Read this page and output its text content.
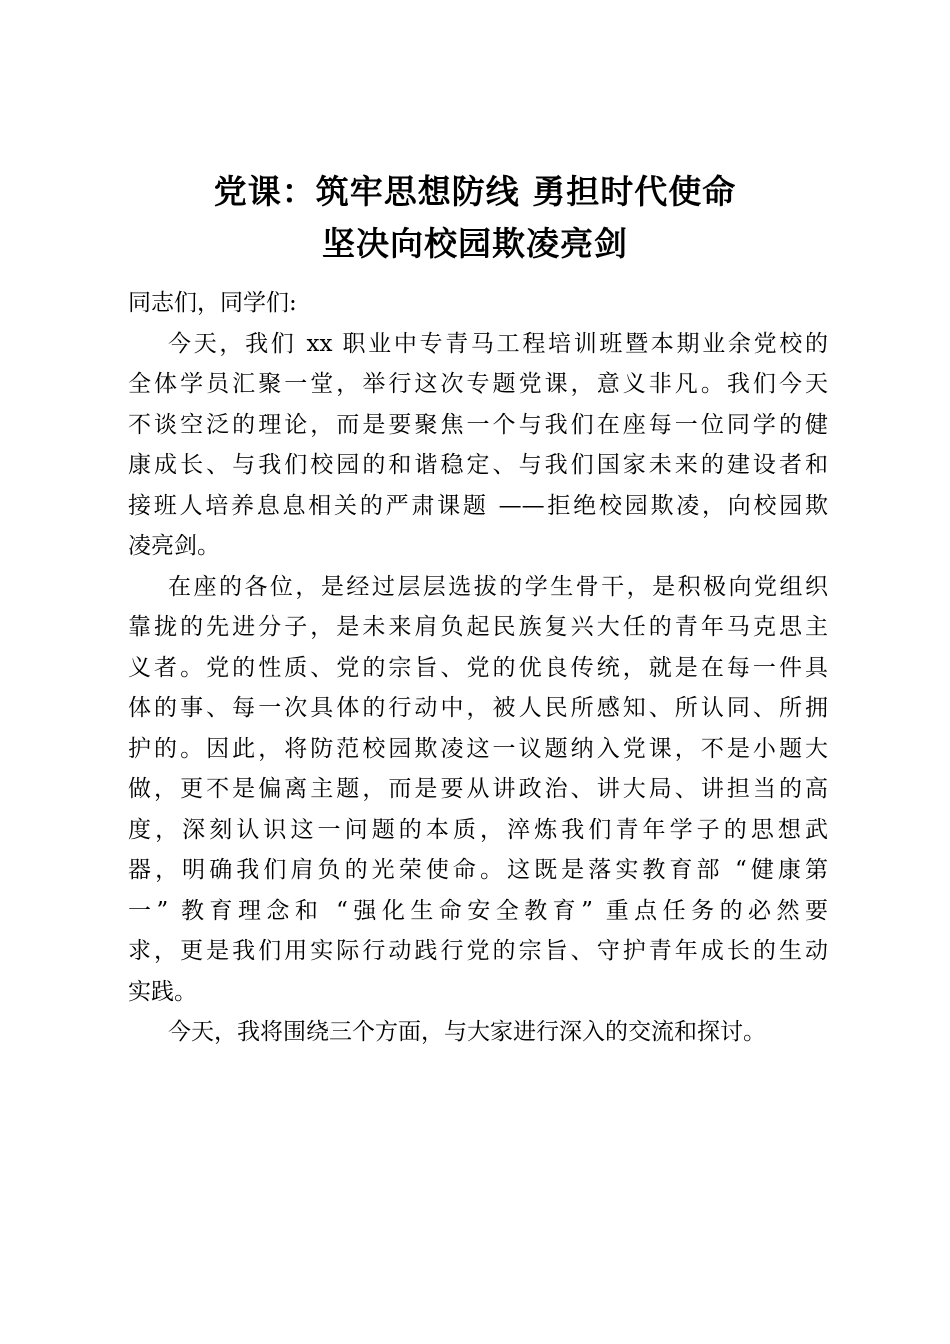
党课：筑牢思想防线 勇担时代使命
坚决向校园欺凌亮剑

同志们，同学们:

今天，我们 xx 职业中专青马工程培训班暨本期业余党校的
全体学员汇聚一堂，举行这次专题党课，意义非凡。我们今天
不谈空泛的理论，而是要聚焦一个与我们在座每一位同学的健
康成长、与我们校园的和谐稳定、与我们国家未来的建设者和
接班人培养息息相关的严肃课题 ——拒绝校园欺凌，向校园欺
凌亮剑。
在座的各位，是经过层层选拔的学生骨干，是积极向党组织
靠拢的先进分子，是未来肩负起民族复兴大任的青年马克思主
义者。党的性质、党的宗旨、党的优良传统，就是在每一件具
体的事、每一次具体的行动中，被人民所感知、所认同、所拥
护的。因此，将防范校园欺凌这一议题纳入党课，不是小题大
做，更不是偏离主题，而是要从讲政治、讲大局、讲担当的高
度，深刻认识这一问题的本质，淬炼我们青年学子的思想武
器，明确我们肩负的光荣使命。这既是落实教育部 “健康第
一” 教育理念和 “强化生命安全教育” 重点任务的必然要
求，更是我们用实际行动践行党的宗旨、守护青年成长的生动
实践。
今天，我将围绕三个方面，与大家进行深入的交流和探讨。
